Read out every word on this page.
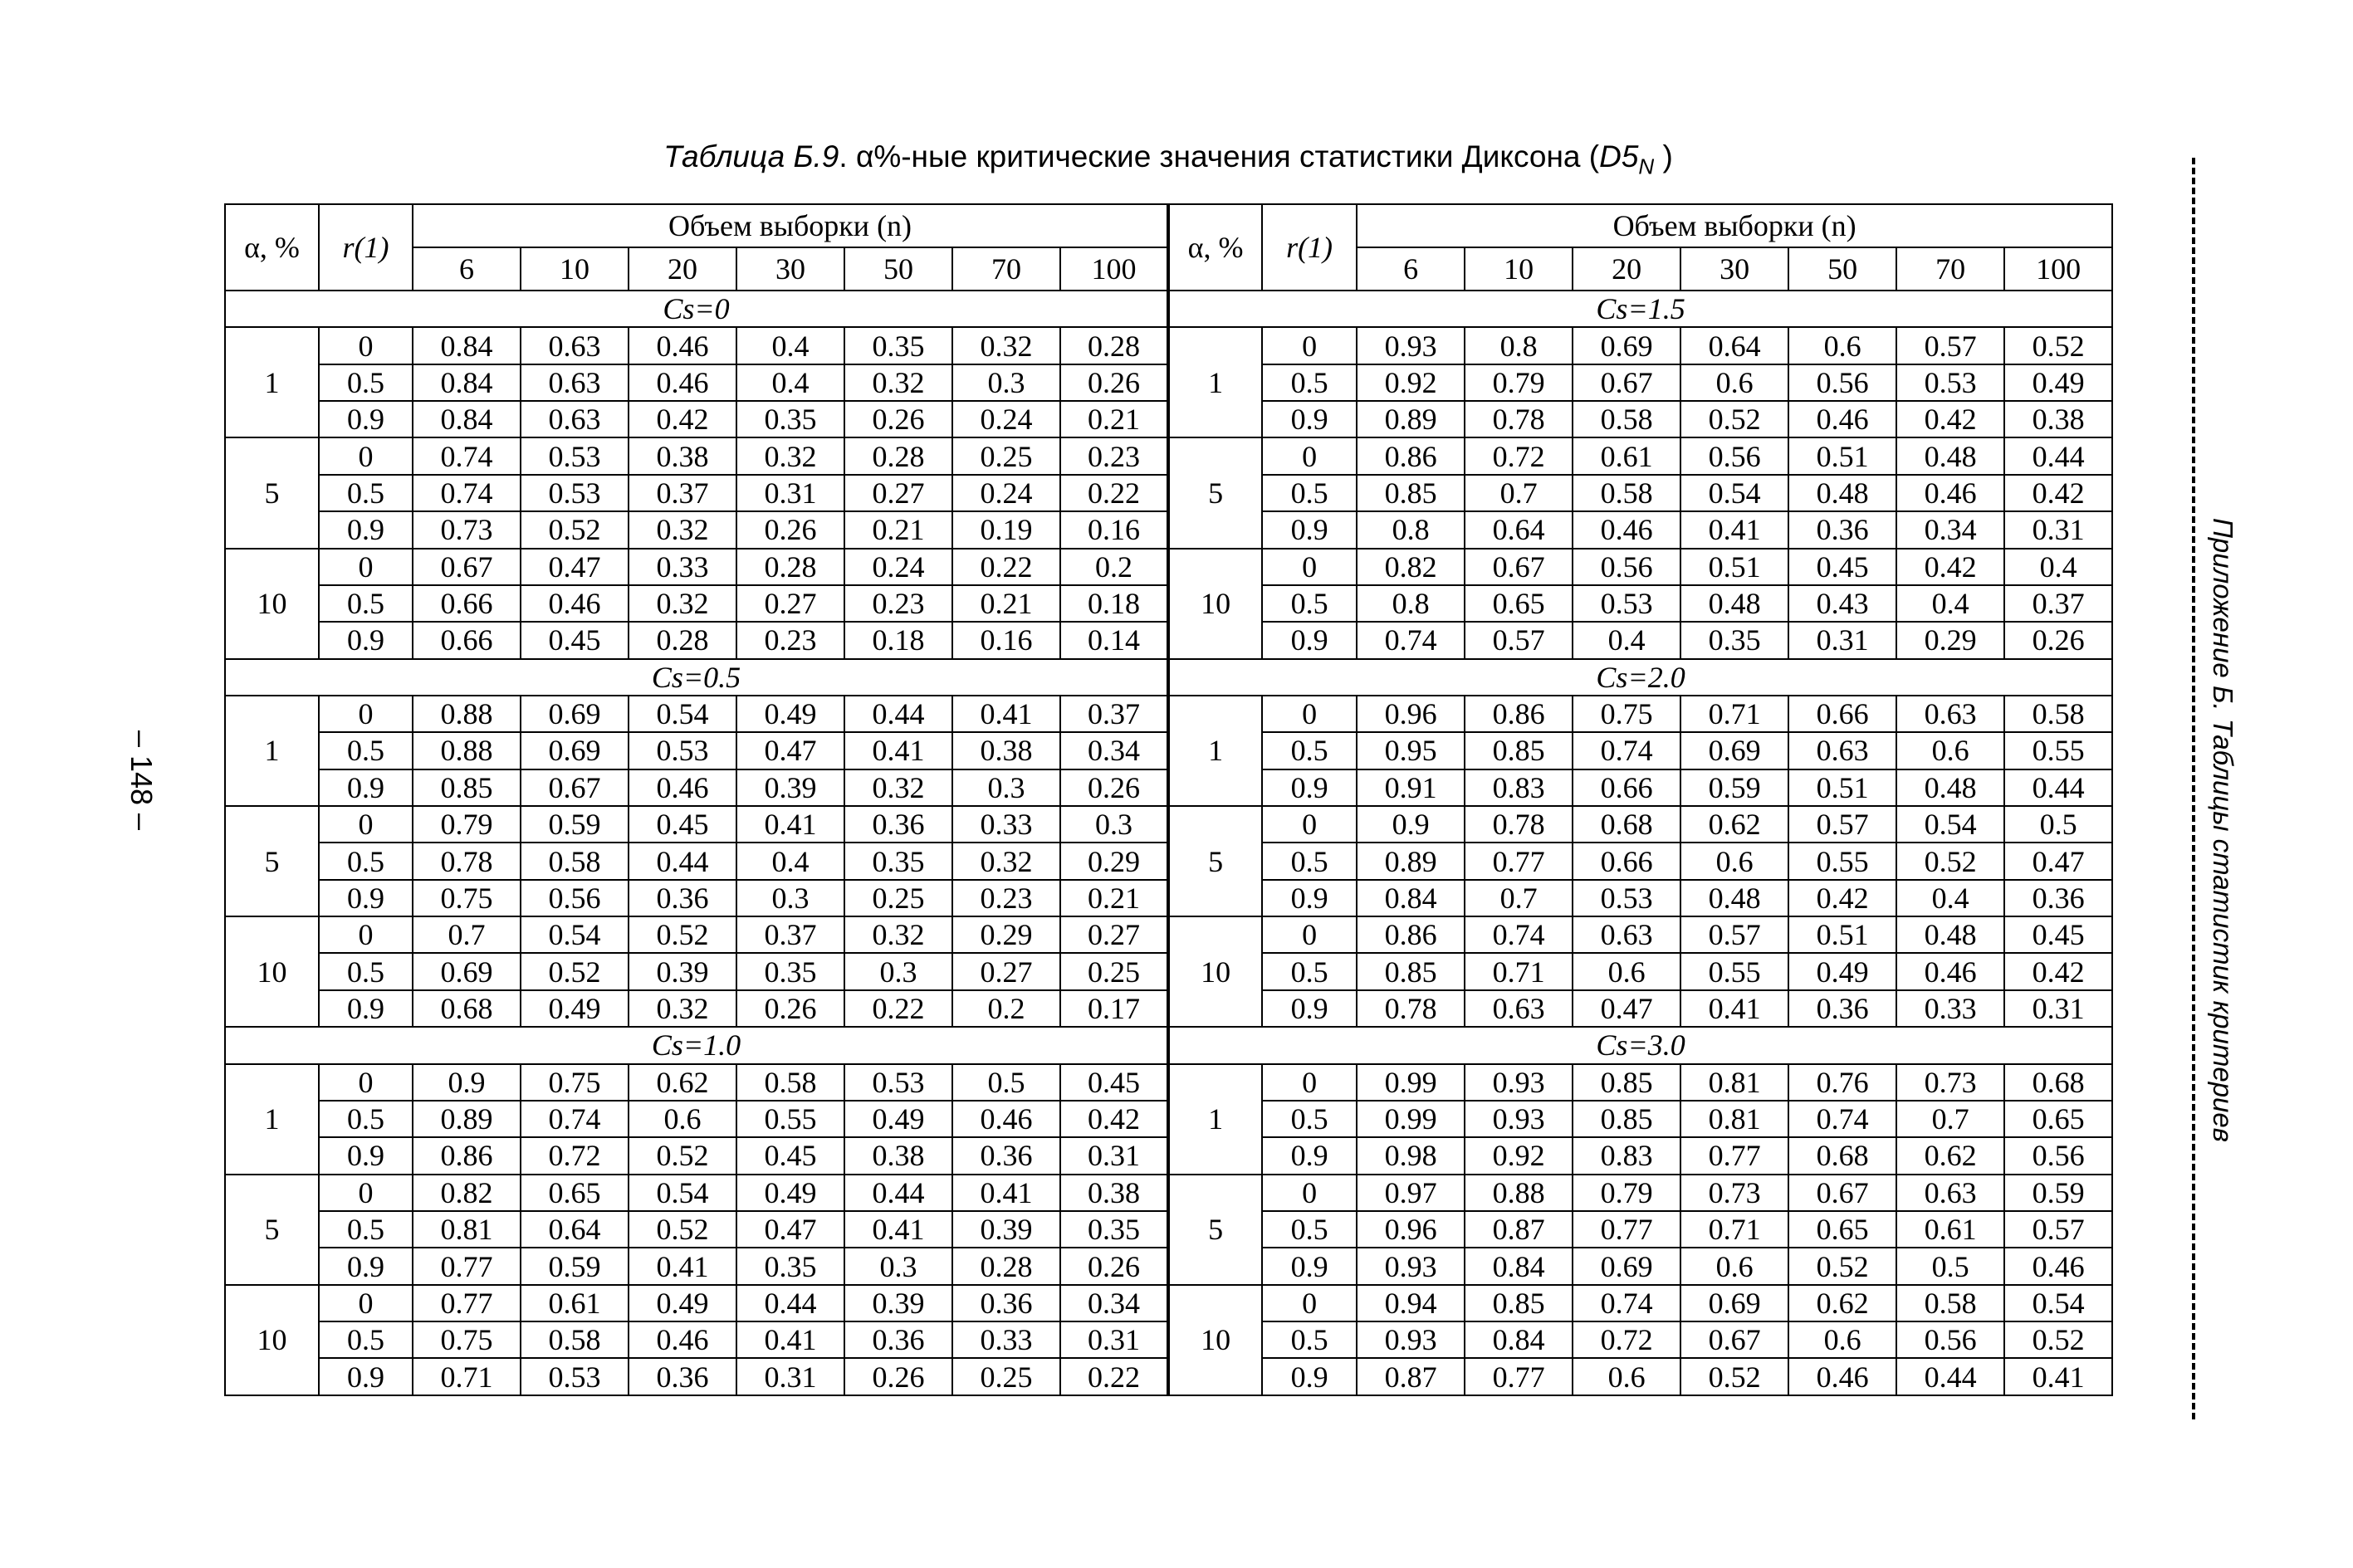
Таблица Б.9. α%-ные критические значения статистики Диксона ($D5_N$ )
α, %	r(1)	Объем выборки (n)							α, %	r(1)	Объем выборки (n)						
		6	10	20	30	50	70	100			6	10	20	30	50	70	100
Cs=0									Cs=1.5								
1	0	0.84	0.63	0.46	0.4	0.35	0.32	0.28	1	0	0.93	0.8	0.69	0.64	0.6	0.57	0.52
	0.5	0.84	0.63	0.46	0.4	0.32	0.3	0.26		0.5	0.92	0.79	0.67	0.6	0.56	0.53	0.49
	0.9	0.84	0.63	0.42	0.35	0.26	0.24	0.21		0.9	0.89	0.78	0.58	0.52	0.46	0.42	0.38
5	0	0.74	0.53	0.38	0.32	0.28	0.25	0.23	5	0	0.86	0.72	0.61	0.56	0.51	0.48	0.44
	0.5	0.74	0.53	0.37	0.31	0.27	0.24	0.22		0.5	0.85	0.7	0.58	0.54	0.48	0.46	0.42
	0.9	0.73	0.52	0.32	0.26	0.21	0.19	0.16		0.9	0.8	0.64	0.46	0.41	0.36	0.34	0.31
10	0	0.67	0.47	0.33	0.28	0.24	0.22	0.2	10	0	0.82	0.67	0.56	0.51	0.45	0.42	0.4
	0.5	0.66	0.46	0.32	0.27	0.23	0.21	0.18		0.5	0.8	0.65	0.53	0.48	0.43	0.4	0.37
	0.9	0.66	0.45	0.28	0.23	0.18	0.16	0.14		0.9	0.74	0.57	0.4	0.35	0.31	0.29	0.26
Cs=0.5									Cs=2.0								
1	0	0.88	0.69	0.54	0.49	0.44	0.41	0.37	1	0	0.96	0.86	0.75	0.71	0.66	0.63	0.58
	0.5	0.88	0.69	0.53	0.47	0.41	0.38	0.34		0.5	0.95	0.85	0.74	0.69	0.63	0.6	0.55
	0.9	0.85	0.67	0.46	0.39	0.32	0.3	0.26		0.9	0.91	0.83	0.66	0.59	0.51	0.48	0.44
5	0	0.79	0.59	0.45	0.41	0.36	0.33	0.3	5	0	0.9	0.78	0.68	0.62	0.57	0.54	0.5
	0.5	0.78	0.58	0.44	0.4	0.35	0.32	0.29		0.5	0.89	0.77	0.66	0.6	0.55	0.52	0.47
	0.9	0.75	0.56	0.36	0.3	0.25	0.23	0.21		0.9	0.84	0.7	0.53	0.48	0.42	0.4	0.36
10	0	0.7	0.54	0.52	0.37	0.32	0.29	0.27	10	0	0.86	0.74	0.63	0.57	0.51	0.48	0.45
	0.5	0.69	0.52	0.39	0.35	0.3	0.27	0.25		0.5	0.85	0.71	0.6	0.55	0.49	0.46	0.42
	0.9	0.68	0.49	0.32	0.26	0.22	0.2	0.17		0.9	0.78	0.63	0.47	0.41	0.36	0.33	0.31
Cs=1.0									Cs=3.0								
1	0	0.9	0.75	0.62	0.58	0.53	0.5	0.45	1	0	0.99	0.93	0.85	0.81	0.76	0.73	0.68
	0.5	0.89	0.74	0.6	0.55	0.49	0.46	0.42		0.5	0.99	0.93	0.85	0.81	0.74	0.7	0.65
	0.9	0.86	0.72	0.52	0.45	0.38	0.36	0.31		0.9	0.98	0.92	0.83	0.77	0.68	0.62	0.56
5	0	0.82	0.65	0.54	0.49	0.44	0.41	0.38	5	0	0.97	0.88	0.79	0.73	0.67	0.63	0.59
	0.5	0.81	0.64	0.52	0.47	0.41	0.39	0.35		0.5	0.96	0.87	0.77	0.71	0.65	0.61	0.57
	0.9	0.77	0.59	0.41	0.35	0.3	0.28	0.26		0.9	0.93	0.84	0.69	0.6	0.52	0.5	0.46
10	0	0.77	0.61	0.49	0.44	0.39	0.36	0.34	10	0	0.94	0.85	0.74	0.69	0.62	0.58	0.54
	0.5	0.75	0.58	0.46	0.41	0.36	0.33	0.31		0.5	0.93	0.84	0.72	0.67	0.6	0.56	0.52
	0.9	0.71	0.53	0.36	0.31	0.26	0.25	0.22		0.9	0.87	0.77	0.6	0.52	0.46	0.44	0.41
– 148 –	Приложение Б. Таблицы статистик критериев
